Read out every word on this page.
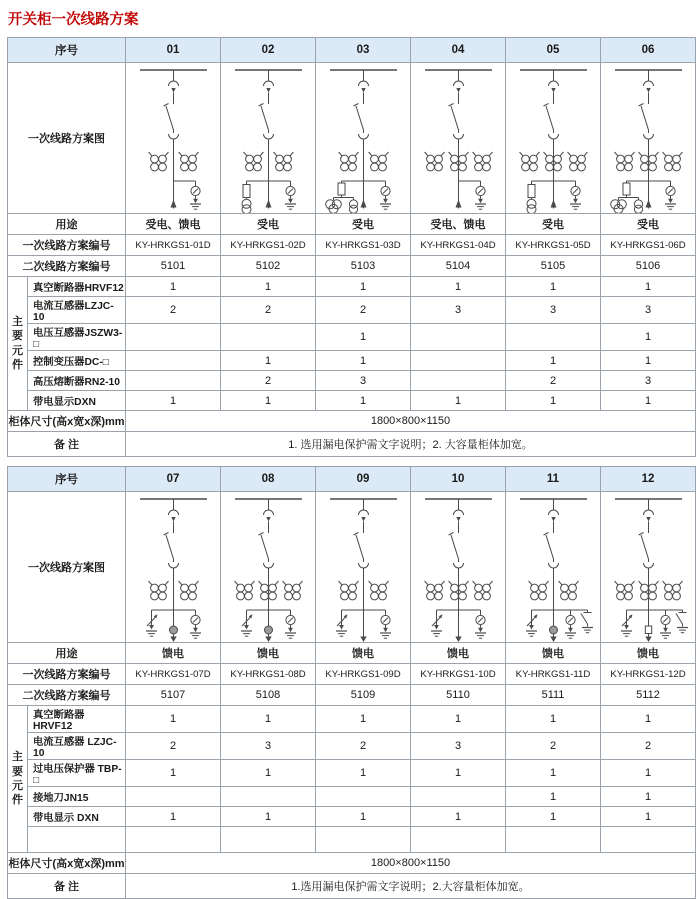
开关柜一次线路方案
序号		01	02	03	04	05	06
一次线路方案图	

用途		受电、馈电	受电	受电	受电、馈电	受电	受电
一次线路方案编号		KY-HRKGS1-01D	KY-HRKGS1-02D	KY-HRKGS1-03D	KY-HRKGS1-04D	KY-HRKGS1-05D	KY-HRKGS1-06D
二次线路方案编号		5101	5102	5103	5104	5105	5106
主要元件	真空断路器HRVF12	1	1	1	1	1	1
	电流互感器LZJC-10	2	2	2	3	3	3
	电压互感器JSZW3-□			1			1
	控制变压器DC-□		1	1		1	1
	高压熔断器RN2-10		2	3		2	3
	带电显示DXN	1	1	1	1	1	1
柜体尺寸(高x宽x深)mm		1800×800×1150					
备 注		1. 选用漏电保护需文字说明；2. 大容量柜体加宽。					
序号		07	08	09	10	11	12
一次线路方案图	

用途		馈电	馈电	馈电	馈电	馈电	馈电
一次线路方案编号		KY-HRKGS1-07D	KY-HRKGS1-08D	KY-HRKGS1-09D	KY-HRKGS1-10D	KY-HRKGS1-11D	KY-HRKGS1-12D
二次线路方案编号		5107	5108	5109	5110	5111	5112
主要元件	真空断路器 HRVF12	1	1	1	1	1	1
	电流互感器 LZJC-10	2	3	2	3	2	2
	过电压保护器 TBP-□	1	1	1	1	1	1
	接地刀JN15					1	1
	带电显示 DXN	1	1	1	1	1	1

柜体尺寸(高x宽x深)mm		1800×800×1150					
备 注		1.选用漏电保护需文字说明；2.大容量柜体加宽。					
